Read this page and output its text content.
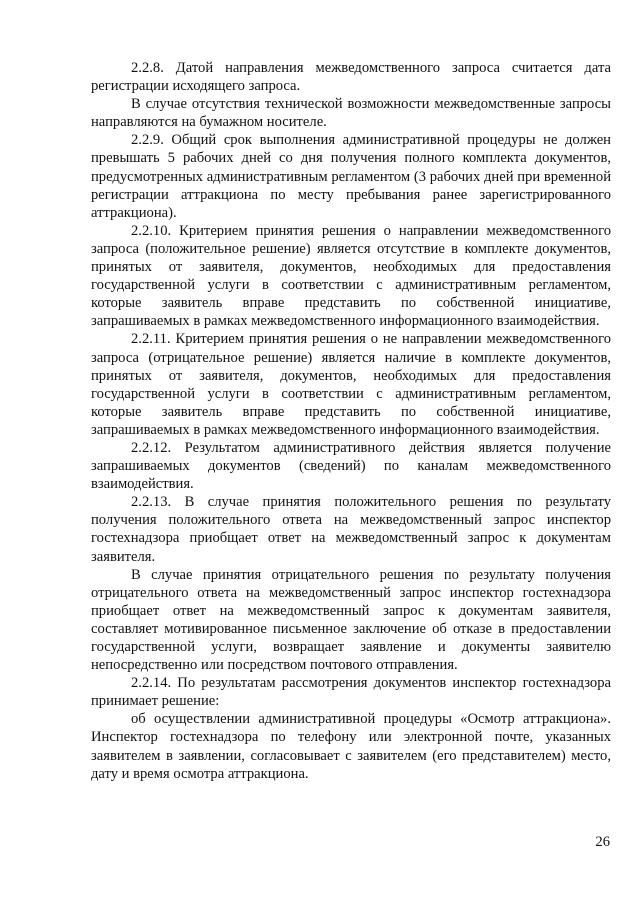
2.2.8. Датой направления межведомственного запроса считается дата регистрации исходящего запроса.

В случае отсутствия технической возможности межведомственные запросы направляются на бумажном носителе.

2.2.9. Общий срок выполнения административной процедуры не должен превышать 5 рабочих дней со дня получения полного комплекта документов, предусмотренных административным регламентом (3 рабочих дней при временной регистрации аттракциона по месту пребывания ранее зарегистрированного аттракциона).

2.2.10. Критерием принятия решения о направлении межведомственного запроса (положительное решение) является отсутствие в комплекте документов, принятых от заявителя, документов, необходимых для предоставления государственной услуги в соответствии с административным регламентом, которые заявитель вправе представить по собственной инициативе, запрашиваемых в рамках межведомственного информационного взаимодействия.

2.2.11. Критерием принятия решения о не направлении межведомственного запроса (отрицательное решение) является наличие в комплекте документов, принятых от заявителя, документов, необходимых для предоставления государственной услуги в соответствии с административным регламентом, которые заявитель вправе представить по собственной инициативе, запрашиваемых в рамках межведомственного информационного взаимодействия.

2.2.12. Результатом административного действия является получение запрашиваемых документов (сведений) по каналам межведомственного взаимодействия.

2.2.13. В случае принятия положительного решения по результату получения положительного ответа на межведомственный запрос инспектор гостехнадзора приобщает ответ на межведомственный запрос к документам заявителя.

В случае принятия отрицательного решения по результату получения отрицательного ответа на межведомственный запрос инспектор гостехнадзора приобщает ответ на межведомственный запрос к документам заявителя, составляет мотивированное письменное заключение об отказе в предоставлении государственной услуги, возвращает заявление и документы заявителю непосредственно или посредством почтового отправления.

2.2.14. По результатам рассмотрения документов инспектор гостехнадзора принимает решение:

об осуществлении административной процедуры «Осмотр аттракциона». Инспектор гостехнадзора по телефону или электронной почте, указанных заявителем в заявлении, согласовывает с заявителем (его представителем) место, дату и время осмотра аттракциона.

26
